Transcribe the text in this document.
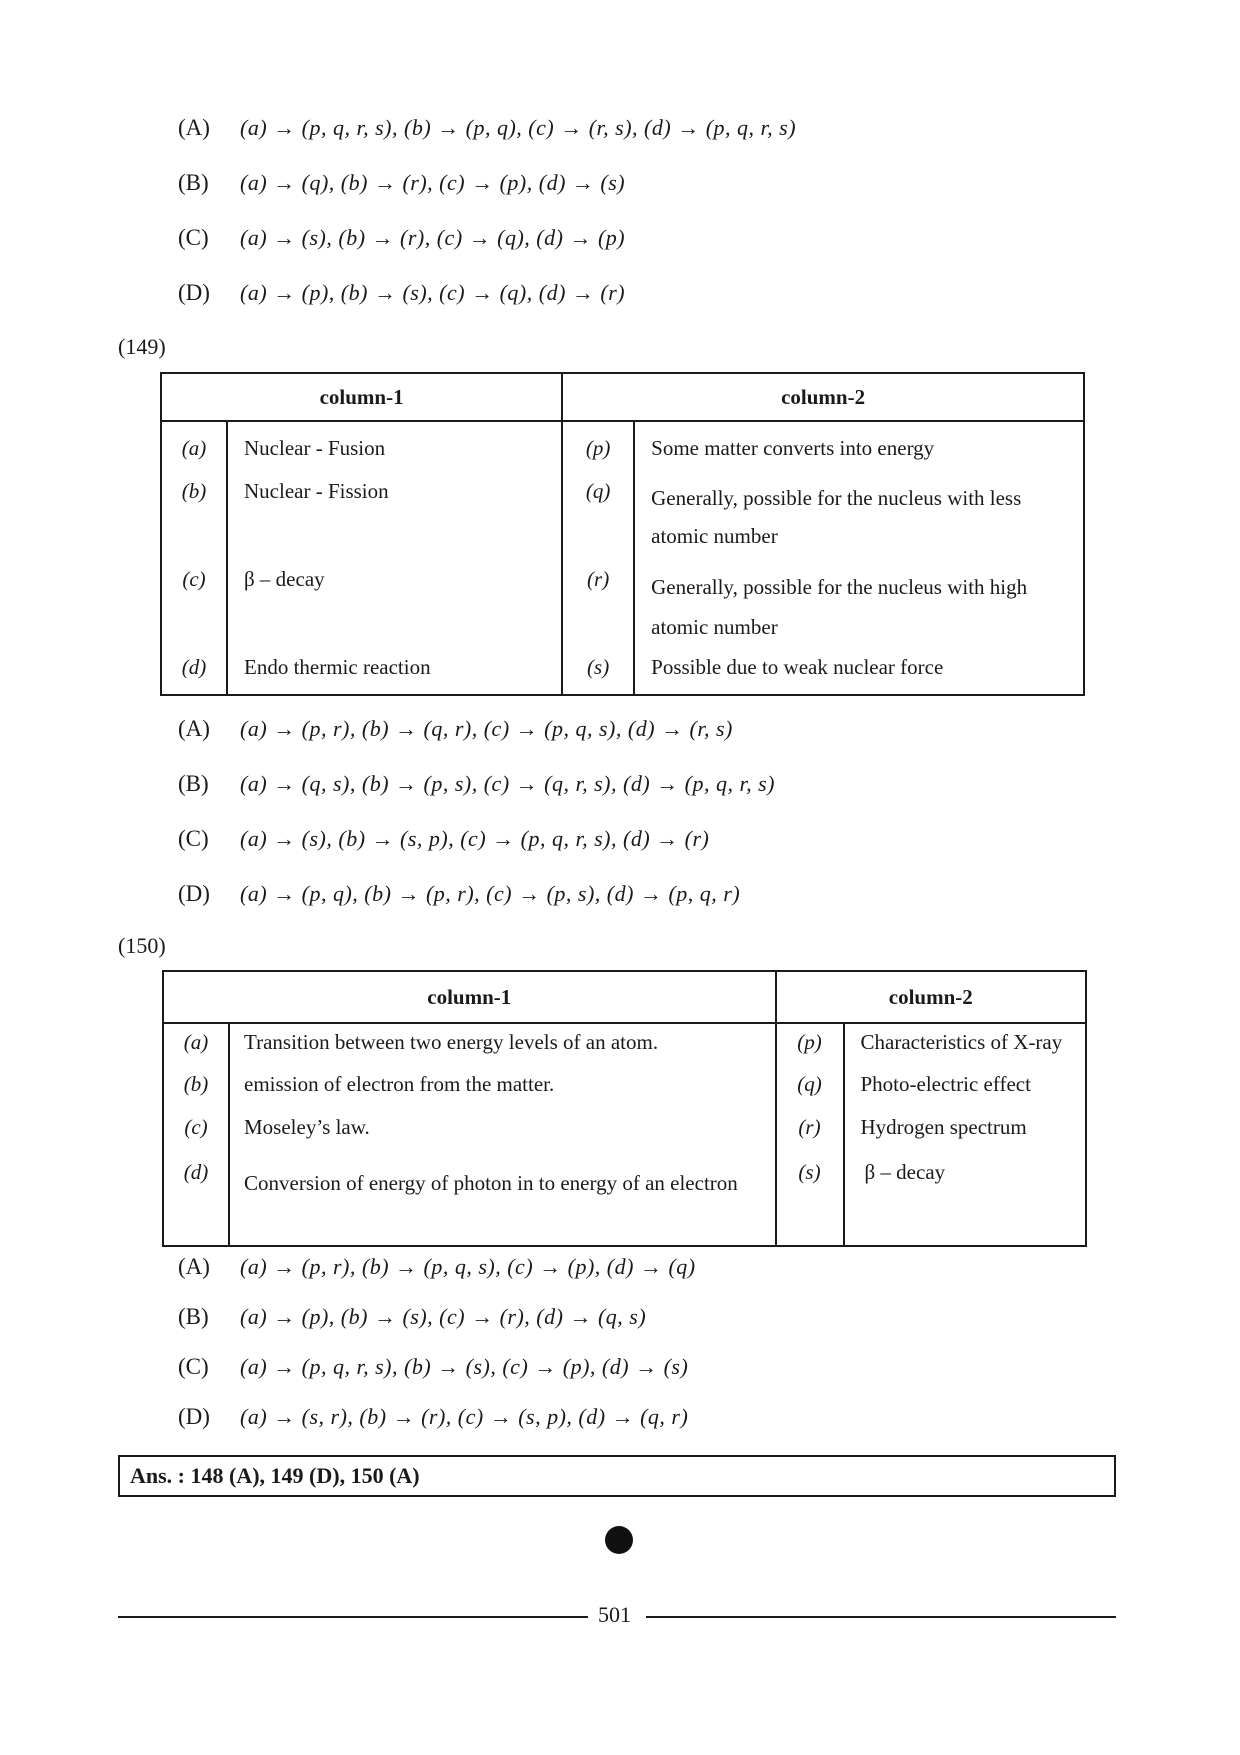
(A) (a) → (p, q, r, s), (b) → (p, q), (c) → (r, s), (d) → (p, q, r, s)
(B) (a) → (q), (b) → (r), (c) → (p), (d) → (s)
(C) (a) → (s), (b) → (r), (c) → (q), (d) → (p)
(D) (a) → (p), (b) → (s), (c) → (q), (d) → (r)
(149)
column-1		column-2	
(a)	Nuclear - Fusion	(p)	Some matter converts into energy
(b)	Nuclear - Fission	(q)	Generally, possible for the nucleus with less atomic number
(c)	β – decay	(r)	Generally, possible for the nucleus with high atomic number
(d)	Endo thermic reaction	(s)	Possible due to weak nuclear force
(A) (a) → (p, r), (b) → (q, r), (c) → (p, q, s), (d) → (r, s)
(B) (a) → (q, s), (b) → (p, s), (c) → (q, r, s), (d) → (p, q, r, s)
(C) (a) → (s), (b) → (s, p), (c) → (p, q, r, s), (d) → (r)
(D) (a) → (p, q), (b) → (p, r), (c) → (p, s), (d) → (p, q, r)
(150)
column-1		column-2	
(a)	Transition between two energy levels of an atom.	(p)	Characteristics of X-ray
(b)	emission of electron from the matter.	(q)	Photo-electric effect
(c)	Moseley’s law.	(r)	Hydrogen spectrum
(d)	Conversion of energy of photon in to energy of an electron	(s)	β – decay
(A) (a) → (p, r), (b) → (p, q, s), (c) → (p), (d) → (q)
(B) (a) → (p), (b) → (s), (c) → (r), (d) → (q, s)
(C) (a) → (p, q, r, s), (b) → (s), (c) → (p), (d) → (s)
(D) (a) → (s, r), (b) → (r), (c) → (s, p), (d) → (q, r)
Ans. : 148 (A), 149 (D), 150 (A)
501
